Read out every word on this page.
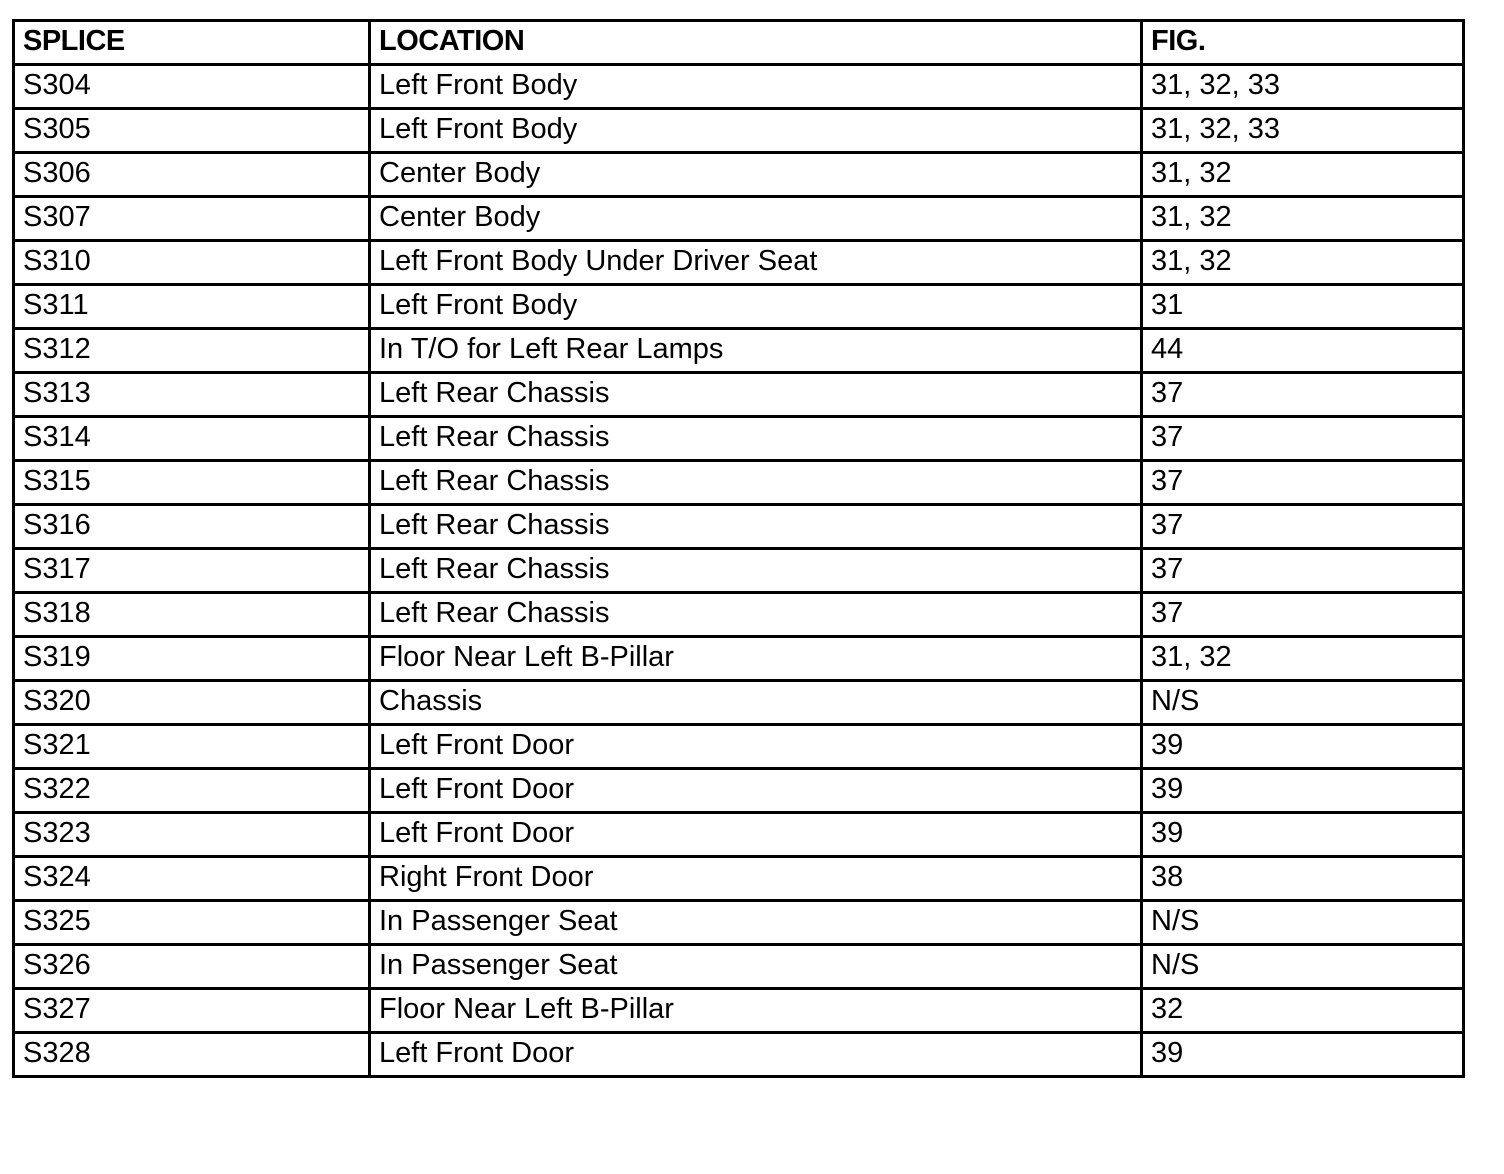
SPLICE	LOCATION	FIG.
S304	Left Front Body	31, 32, 33
S305	Left Front Body	31, 32, 33
S306	Center Body	31, 32
S307	Center Body	31, 32
S310	Left Front Body Under Driver Seat	31, 32
S311	Left Front Body	31
S312	In T/O for Left Rear Lamps	44
S313	Left Rear Chassis	37
S314	Left Rear Chassis	37
S315	Left Rear Chassis	37
S316	Left Rear Chassis	37
S317	Left Rear Chassis	37
S318	Left Rear Chassis	37
S319	Floor Near Left B-Pillar	31, 32
S320	Chassis	N/S
S321	Left Front Door	39
S322	Left Front Door	39
S323	Left Front Door	39
S324	Right Front Door	38
S325	In Passenger Seat	N/S
S326	In Passenger Seat	N/S
S327	Floor Near Left B-Pillar	32
S328	Left Front Door	39
